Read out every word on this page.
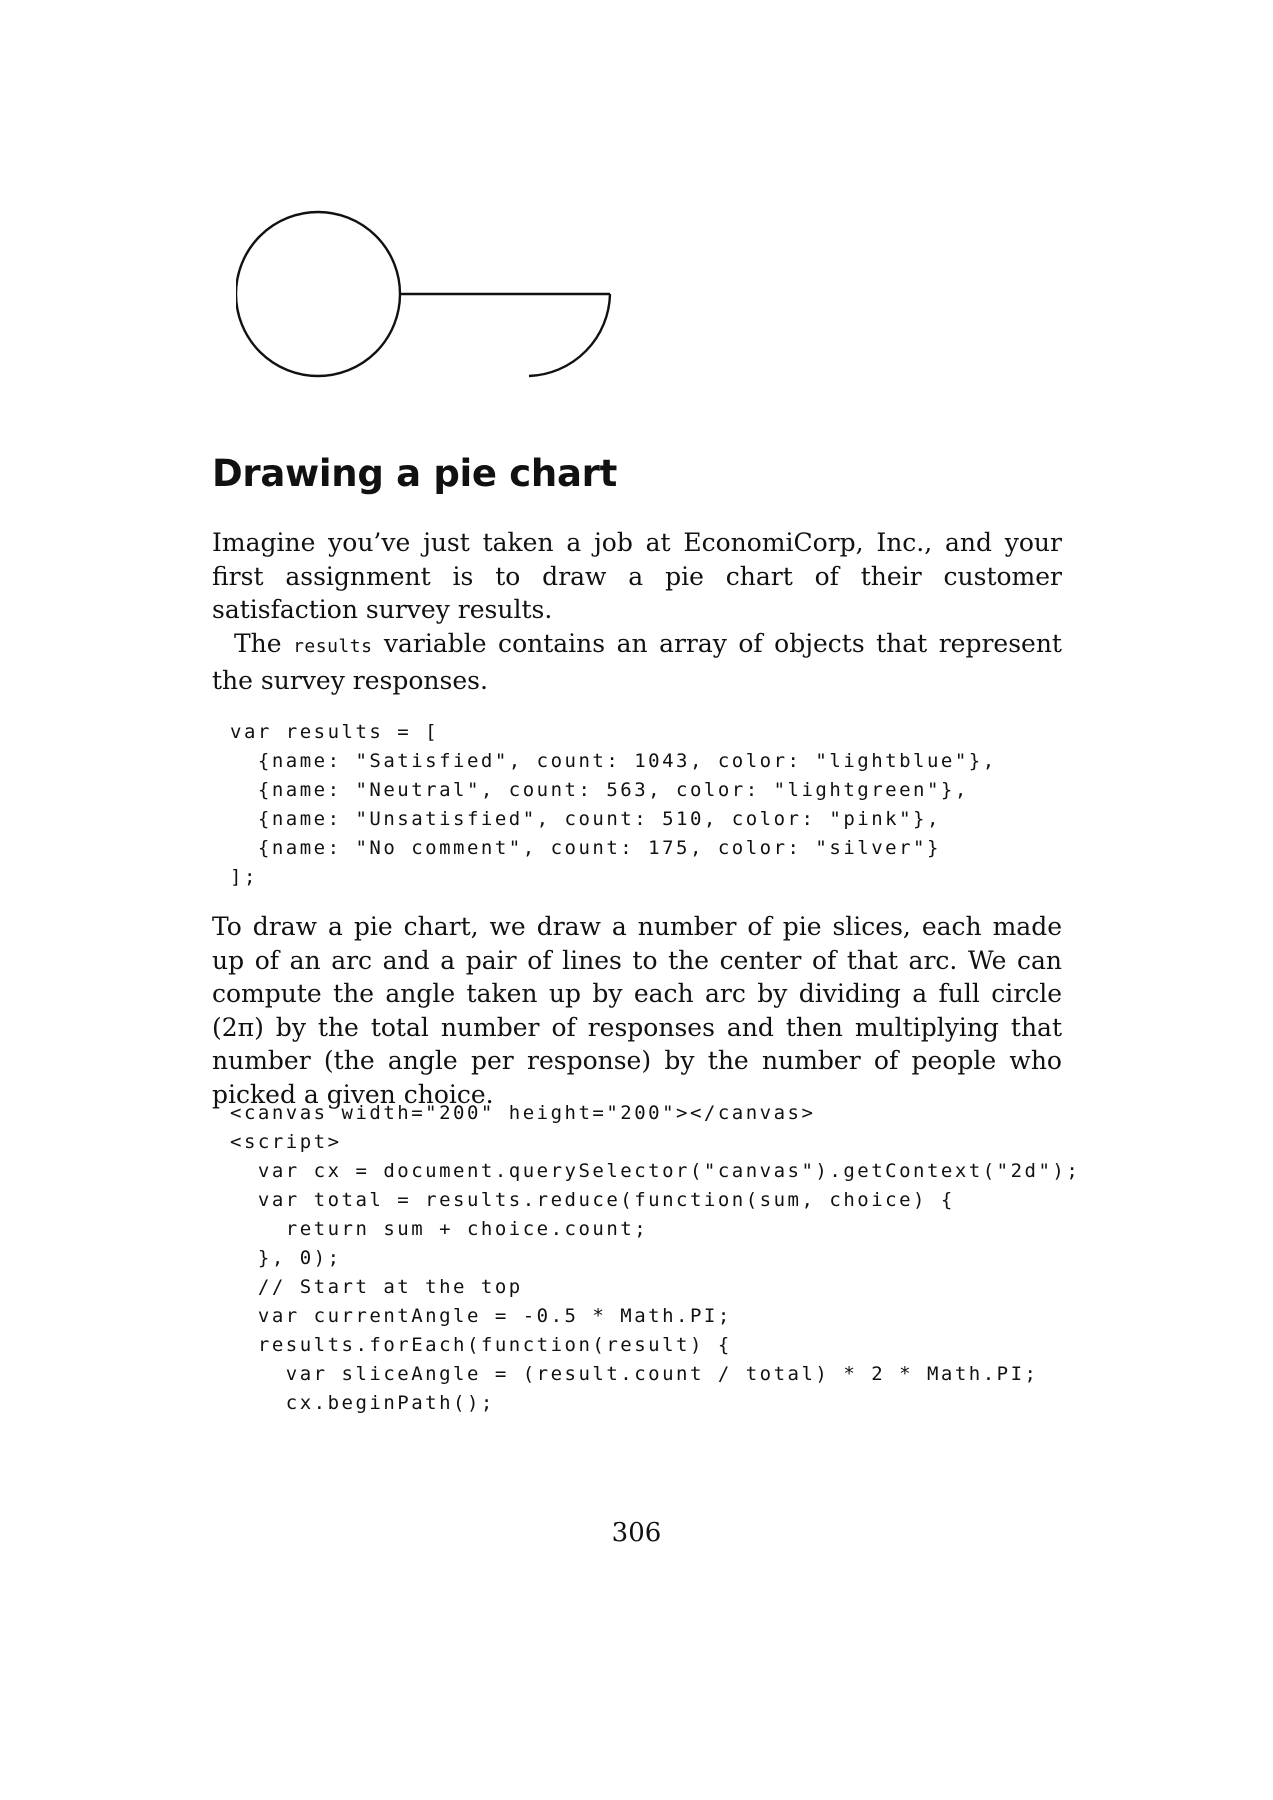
Drawing a pie chart

Imagine you’ve just taken a job at EconomiCorp, Inc., and your first assignment is to draw a pie chart of their customer satisfaction survey results.

The results variable contains an array of objects that represent the survey responses.

var results = [
{name: "Satisfied", count: 1043, color: "lightblue"},
{name: "Neutral", count: 563, color: "lightgreen"},
{name: "Unsatisfied", count: 510, color: "pink"},
{name: "No comment", count: 175, color: "silver"}
];

To draw a pie chart, we draw a number of pie slices, each made up of an arc and a pair of lines to the center of that arc. We can compute the angle taken up by each arc by dividing a full circle (2π) by the total number of responses and then multiplying that number (the angle per response) by the number of people who picked a given choice.

<canvas width="200" height="200"></canvas>
<script>
var cx = document.querySelector("canvas").getContext("2d");
var total = results.reduce(function(sum, choice) {
return sum + choice.count;
}, 0);
// Start at the top
var currentAngle = -0.5 * Math.PI;
results.forEach(function(result) {
var sliceAngle = (result.count / total) * 2 * Math.PI;
cx.beginPath();
306
